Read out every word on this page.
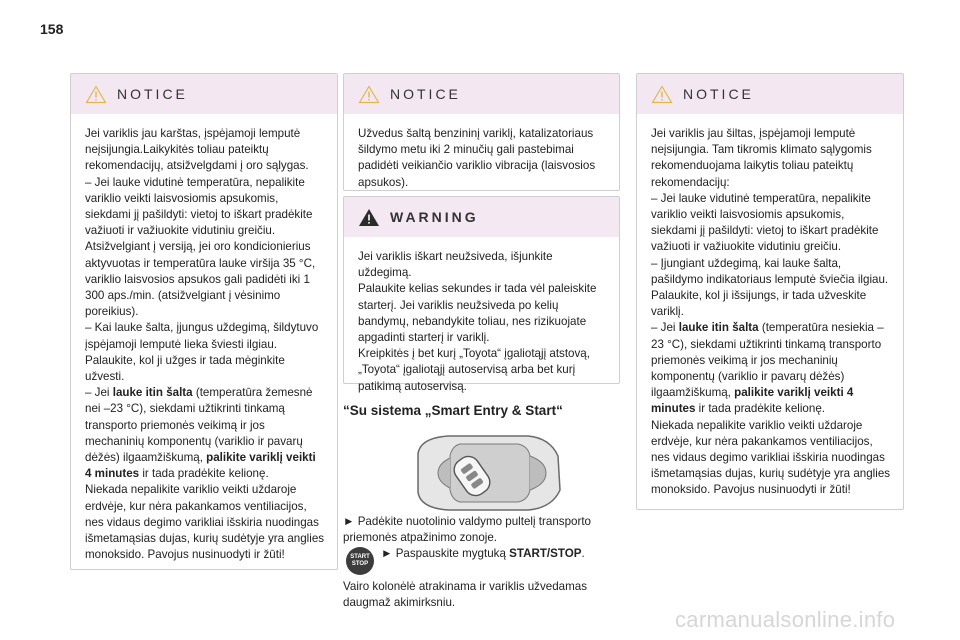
158
NOTICE

Jei variklis jau karštas, įspėjamoji lemputė neįsijungia.Laikykitės toliau pateiktų rekomendacijų, atsižvelgdami į oro sąlygas.

– Jei lauke vidutinė temperatūra, nepalikite variklio veikti laisvosiomis apsukomis, siekdami jį pašildyti: vietoj to iškart pradėkite važiuoti ir važiuokite vidutiniu greičiu. Atsižvelgiant į versiją, jei oro kondicionierius aktyvuotas ir temperatūra lauke viršija 35 °C, variklio laisvosios apsukos gali padidėti iki 1 300 aps./min. (atsižvelgiant į vėsinimo poreikius).

– Kai lauke šalta, įjungus uždegimą, šildytuvo įspėjamoji lemputė lieka šviesti ilgiau. Palaukite, kol ji užges ir tada mėginkite užvesti.

– Jei lauke itin šalta (temperatūra žemesnė nei –23 °C), siekdami užtikrinti tinkamą transporto priemonės veikimą ir jos mechaninių komponentų (variklio ir pavarų dėžės) ilgaamžiškumą, palikite variklį veikti 4 minutes ir tada pradėkite kelionę.

Niekada nepalikite variklio veikti uždaroje erdvėje, kur nėra pakankamos ventiliacijos, nes vidaus degimo varikliai išskiria nuodingas išmetamąsias dujas, kurių sudėtyje yra anglies monoksido. Pavojus nusinuodyti ir žūti!

NOTICE

Užvedus šaltą benzininį variklį, katalizatoriaus šildymo metu iki 2 minučių gali pastebimai padidėti veikiančio variklio vibracija (laisvosios apsukos).

WARNING

Jei variklis iškart neužsiveda, išjunkite uždegimą.

Palaukite kelias sekundes ir tada vėl paleiskite starterį. Jei variklis neužsiveda po kelių bandymų, nebandykite toliau, nes rizikuojate apgadinti starterį ir variklį.

Kreipkitės į bet kurį „Toyota“ įgaliotąjį atstovą, „Toyota“ įgaliotąjį autoservisą arba bet kurį patikimą autoservisą.

“Su sistema „Smart Entry & Start“
► Padėkite nuotolinio valdymo pultelį transporto priemonės atpažinimo zonoje.
START
STOP
► Paspauskite mygtuką START/STOP.
Vairo kolonėlė atrakinama ir variklis užvedamas daugmaž akimirksniu.
NOTICE

Jei variklis jau šiltas, įspėjamoji lemputė neįsijungia. Tam tikromis klimato sąlygomis rekomenduojama laikytis toliau pateiktų rekomendacijų:

– Jei lauke vidutinė temperatūra, nepalikite variklio veikti laisvosiomis apsukomis, siekdami jį pašildyti: vietoj to iškart pradėkite važiuoti ir važiuokite vidutiniu greičiu.

– Įjungiant uždegimą, kai lauke šalta, pašildymo indikatoriaus lemputė šviečia ilgiau. Palaukite, kol ji išsijungs, ir tada užveskite variklį.

– Jei lauke itin šalta (temperatūra nesiekia –23 °C), siekdami užtikrinti tinkamą transporto priemonės veikimą ir jos mechaninių komponentų (variklio ir pavarų dėžės) ilgaamžiškumą, palikite variklį veikti 4 minutes ir tada pradėkite kelionę.

Niekada nepalikite variklio veikti uždaroje erdvėje, kur nėra pakankamos ventiliacijos, nes vidaus degimo varikliai išskiria nuodingas išmetamąsias dujas, kurių sudėtyje yra anglies monoksido. Pavojus nusinuodyti ir žūti!

carmanualsonline.info
